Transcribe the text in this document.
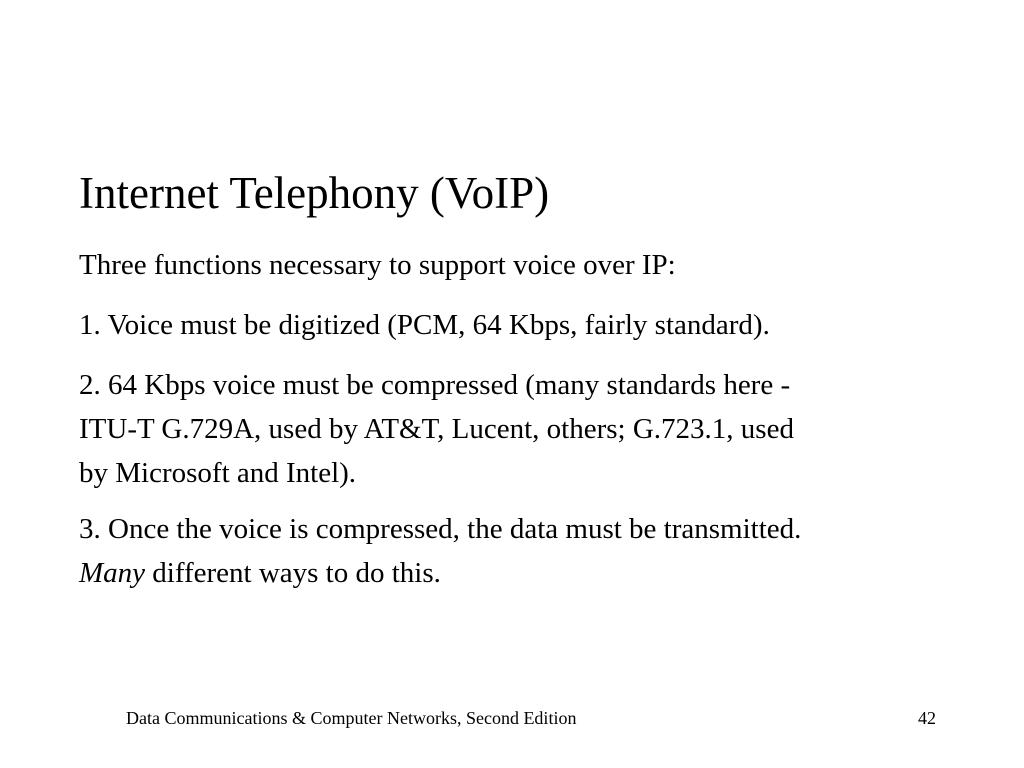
Internet Telephony (VoIP)

Three functions necessary to support voice over IP:

1. Voice must be digitized (PCM, 64 Kbps, fairly standard).

2. 64 Kbps voice must be compressed (many standards here -
ITU-T G.729A, used by AT&T, Lucent, others; G.723.1, used
by Microsoft and Intel).

3. Once the voice is compressed, the data must be transmitted.
Many different ways to do this.

Data Communications & Computer Networks, Second Edition	42
